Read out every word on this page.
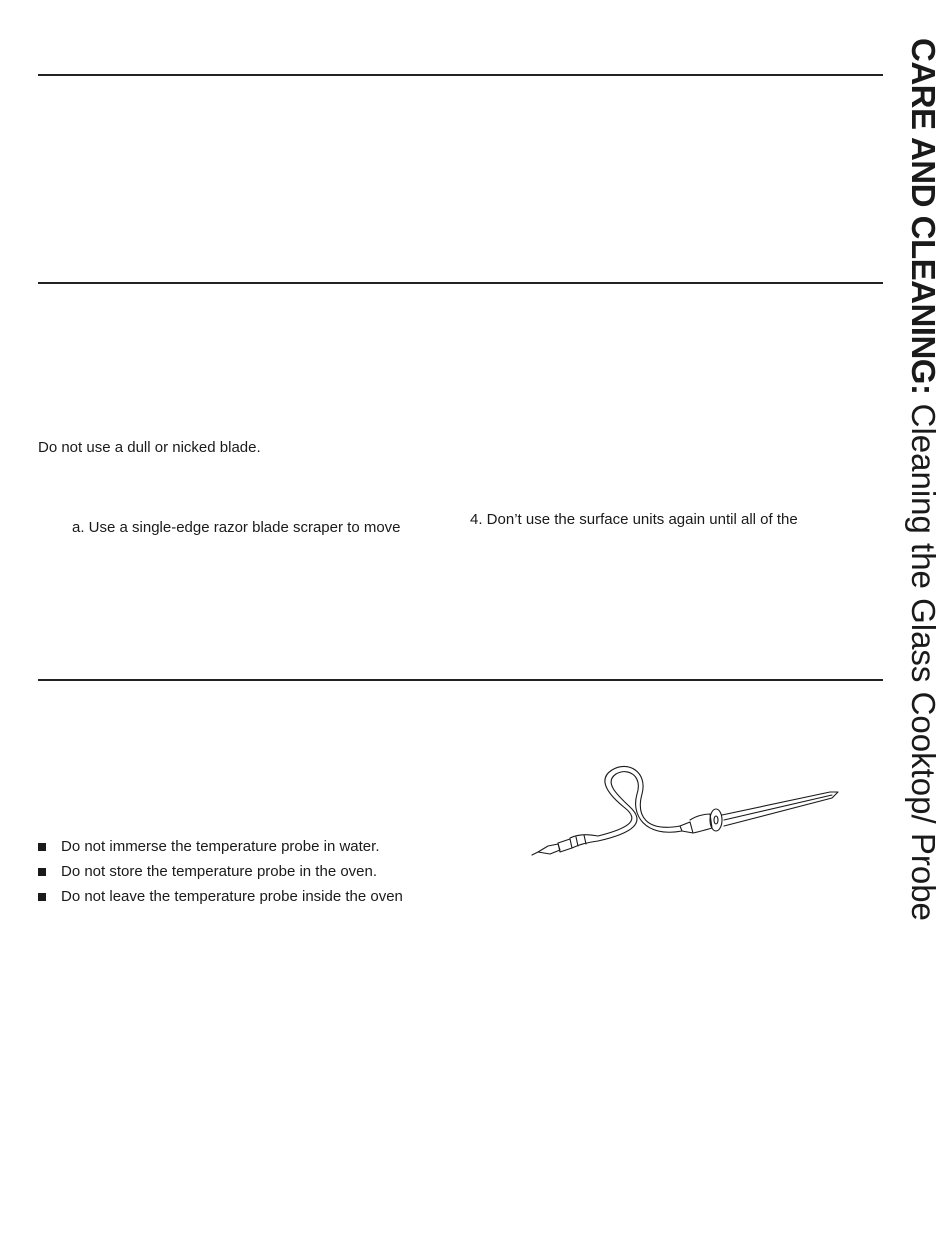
Do not use a dull or nicked blade.
a. Use a single-edge razor blade scraper to move	4. Don’t use the surface units again until all of the
Do not immerse the temperature probe in water.
Do not store the temperature probe in the oven.
Do not leave the temperature probe inside the oven
CARE AND CLEANING: Cleaning the Glass Cooktop/ Probe
